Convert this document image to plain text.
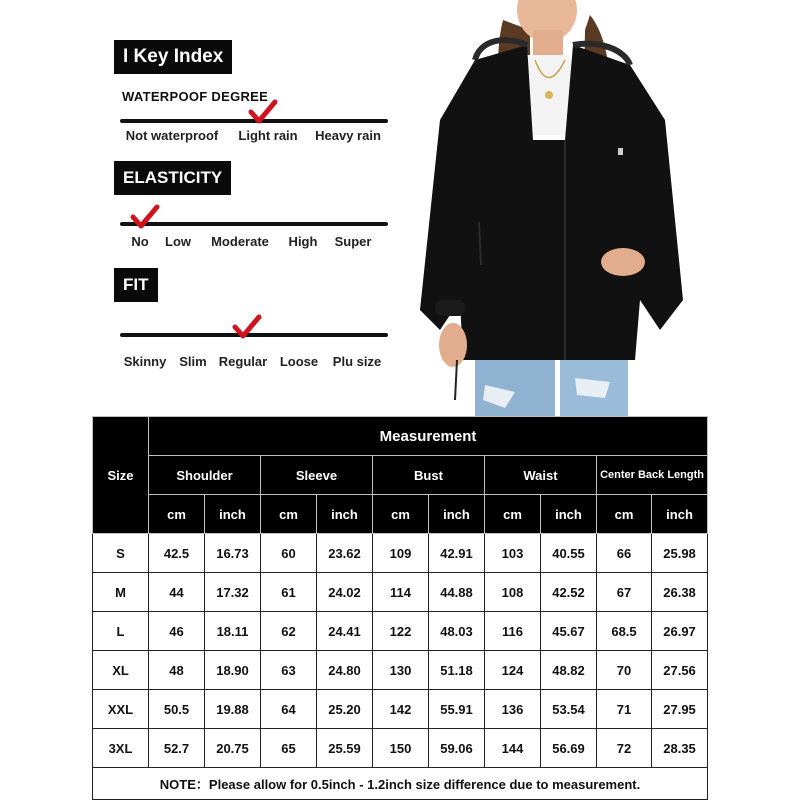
I Key Index
WATERPOOF DEGREE
Not waterproof Light rain Heavy rain
ELASTICITY
No Low Moderate High Super
FIT
Skinny Slim Regular Loose Plu size
Size	Measurement									
	Shoulder		Sleeve		Bust		Waist		Center Back Length	
	cm	inch	cm	inch	cm	inch	cm	inch	cm	inch
S	42.5	16.73	60	23.62	109	42.91	103	40.55	66	25.98
M	44	17.32	61	24.02	114	44.88	108	42.52	67	26.38
L	46	18.11	62	24.41	122	48.03	116	45.67	68.5	26.97
XL	48	18.90	63	24.80	130	51.18	124	48.82	70	27.56
XXL	50.5	19.88	64	25.20	142	55.91	136	53.54	71	27.95
3XL	52.7	20.75	65	25.59	150	59.06	144	56.69	72	28.35
NOTE：Please allow for 0.5inch - 1.2inch size difference due to measurement.										
